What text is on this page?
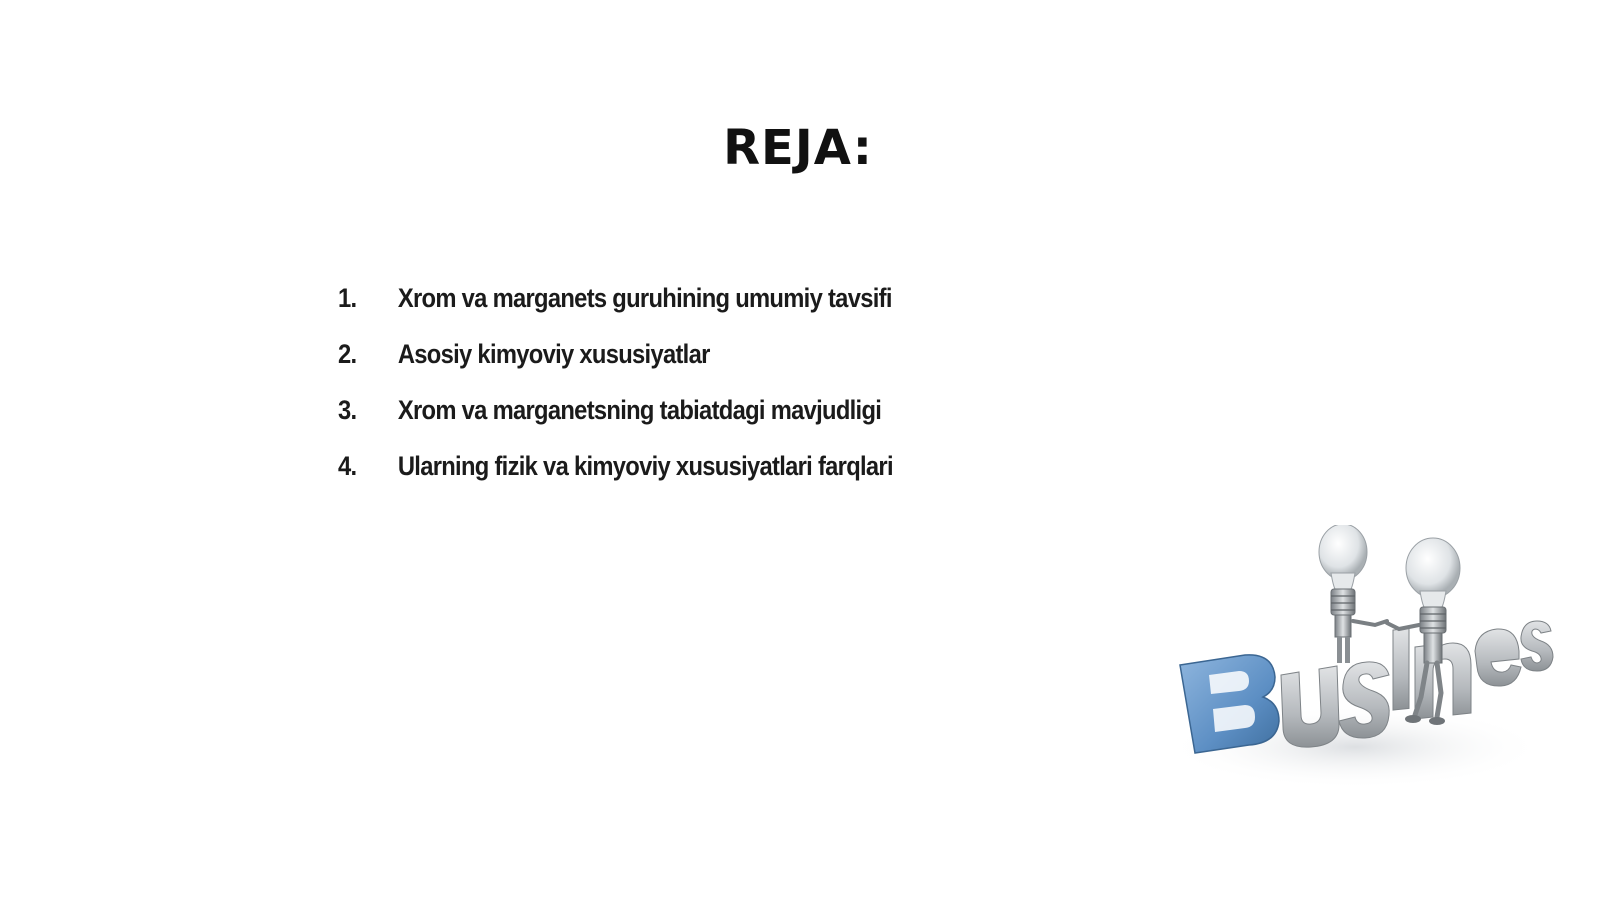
REJA:
1.	Xrom va marganets guruhining umumiy tavsifi
2.	Asosiy kimyoviy xususiyatlar
3.	Xrom va marganetsning tabiatdagi mavjudligi
4.	Ularning fizik va kimyoviy xususiyatlari farqlari
